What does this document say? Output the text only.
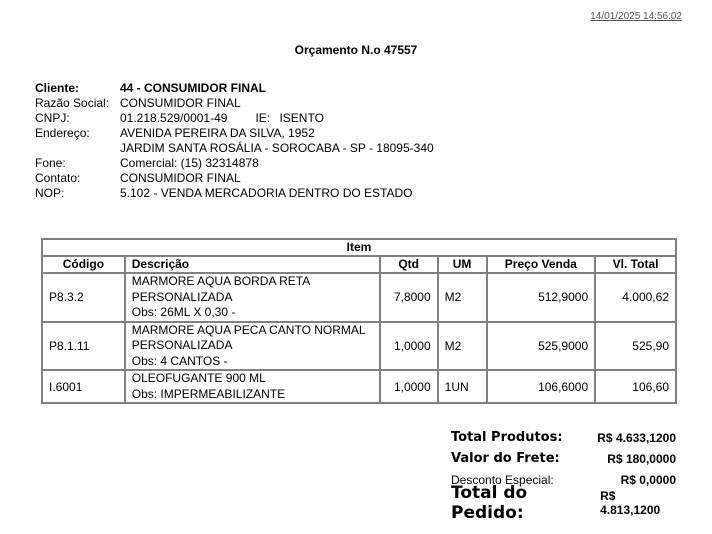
14/01/2025 14:56:02
Orçamento N.o 47557
Cliente:	44 - CONSUMIDOR FINAL
Razão Social: CONSUMIDOR FINAL
CNPJ:	01.218.529/0001-49 IE: ISENTO
Endereço:	AVENIDA PEREIRA DA SILVA, 1952
JARDIM SANTA ROSÁLIA - SOROCABA - SP - 18095-340
Fone:	Comercial: (15) 32314878
Contato:	CONSUMIDOR FINAL
NOP:	5.102 - VENDA MERCADORIA DENTRO DO ESTADO
Item					
Código	Descrição	Qtd	UM	Preço Venda	Vl. Total
P8.3.2	MARMORE AQUA BORDA RETA
PERSONALIZADA
Obs: 26ML X 0,30 -	7,8000	M2	512,9000	4.000,62
P8.1.11	MARMORE AQUA PECA CANTO NORMAL
PERSONALIZADA
Obs: 4 CANTOS -	1,0000	M2	525,9000	525,90
I.6001	OLEOFUGANTE 900 ML
Obs: IMPERMEABILIZANTE	1,0000	1UN	106,6000	106,60
Total Produtos:	R$ 4.633,1200
Valor do Frete:	R$ 180,0000
Desconto Especial:	R$ 0,0000
Total do Pedido:
R$ 4.813,1200
